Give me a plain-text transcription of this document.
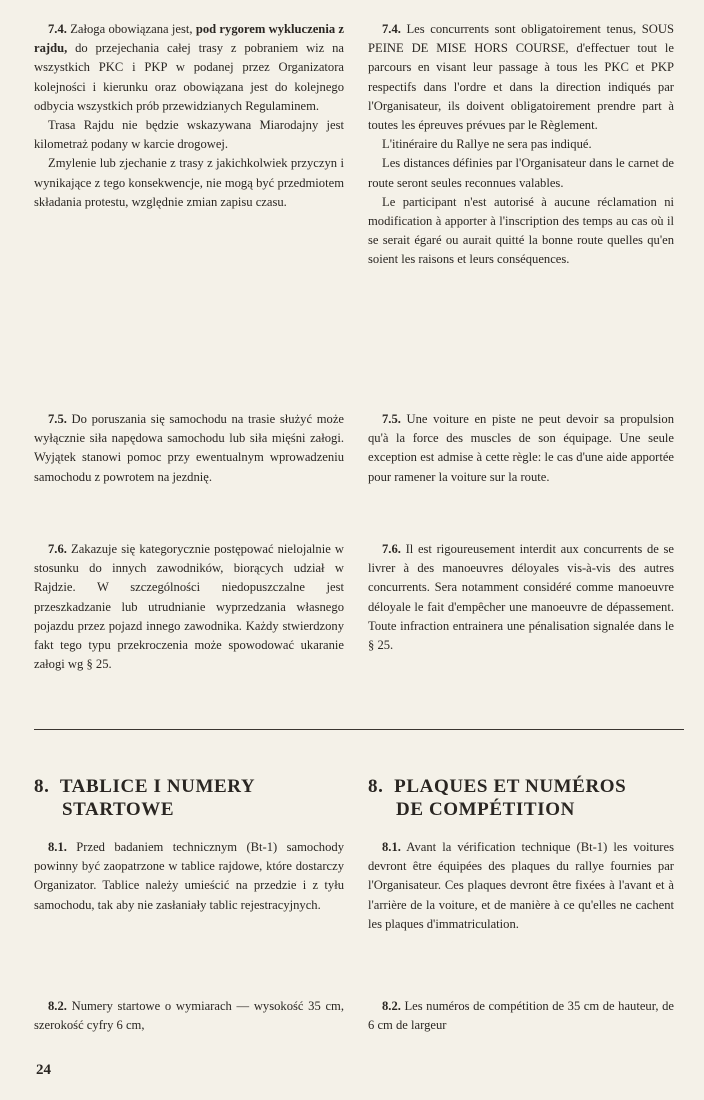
7.4. Załoga obowiązana jest, pod rygorem wykluczenia z rajdu, do przejechania całej trasy z pobraniem wiz na wszystkich PKC i PKP w podanej przez Organizatora kolejności i kierunku oraz obowiązana jest do kolejnego odbycia wszystkich prób przewidzianych Regulaminem.

Trasa Rajdu nie będzie wskazywana Miarodajny jest kilometraż podany w karcie drogowej.

Zmylenie lub zjechanie z trasy z jakichkolwiek przyczyn i wynikające z tego konsekwencje, nie mogą być przedmiotem składania protestu, względnie zmian zapisu czasu.

7.5. Do poruszania się samochodu na trasie służyć może wyłącznie siła napędowa samochodu lub siła mięśni załogi. Wyjątek stanowi pomoc przy ewentualnym wprowadzeniu samochodu z powrotem na jezdnię.

7.6. Zakazuje się kategorycznie postępować nielojalnie w stosunku do innych zawodników, biorących udział w Rajdzie. W szczególności niedopuszczalne jest przeszkadzanie lub utrudnianie wyprzedzania własnego pojazdu przez pojazd innego zawodnika. Każdy stwierdzony fakt tego typu przekroczenia może spowodować ukaranie załogi wg § 25.

8. TABLICE I NUMERY
STARTOWE

8.1. Przed badaniem technicznym (Bt-1) samochody powinny być zaopatrzone w tablice rajdowe, które dostarczy Organizator. Tablice należy umieścić na przedzie i z tyłu samochodu, tak aby nie zasłaniały tablic rejestracyjnych.

8.2. Numery startowe o wymiarach — wysokość 35 cm, szerokość cyfry 6 cm,

7.4. Les concurrents sont obligatoirement tenus, SOUS PEINE DE MISE HORS COURSE, d'effectuer tout le parcours en visant leur passage à tous les PKC et PKP respectifs dans l'ordre et dans la direction indiqués par l'Organisateur, ils doivent obligatoirement prendre part à toutes les épreuves prévues par le Règlement.

L'itinéraire du Rallye ne sera pas indiqué.

Les distances définies par l'Organisateur dans le carnet de route seront seules reconnues valables.

Le participant n'est autorisé à aucune réclamation ni modification à apporter à l'inscription des temps au cas où il se serait égaré ou aurait quitté la bonne route quelles qu'en soient les raisons et leurs conséquences.

7.5. Une voiture en piste ne peut devoir sa propulsion qu'à la force des muscles de son équipage. Une seule exception est admise à cette règle: le cas d'une aide apportée pour ramener la voiture sur la route.

7.6. Il est rigoureusement interdit aux concurrents de se livrer à des manoeuvres déloyales vis-à-vis des autres concurrents. Sera notamment considéré comme manoeuvre déloyale le fait d'empêcher une manoeuvre de dépassement. Toute infraction entrainera une pénalisation signalée dans le § 25.

8. PLAQUES ET NUMÉROS
DE COMPÉTITION

8.1. Avant la vérification technique (Bt-1) les voitures devront être équipées des plaques du rallye fournies par l'Organisateur. Ces plaques devront être fixées à l'avant et à l'arrière de la voiture, et de manière à ce qu'elles ne cachent les plaques d'immatriculation.

8.2. Les numéros de compétition de 35 cm de hauteur, de 6 cm de largeur

24
